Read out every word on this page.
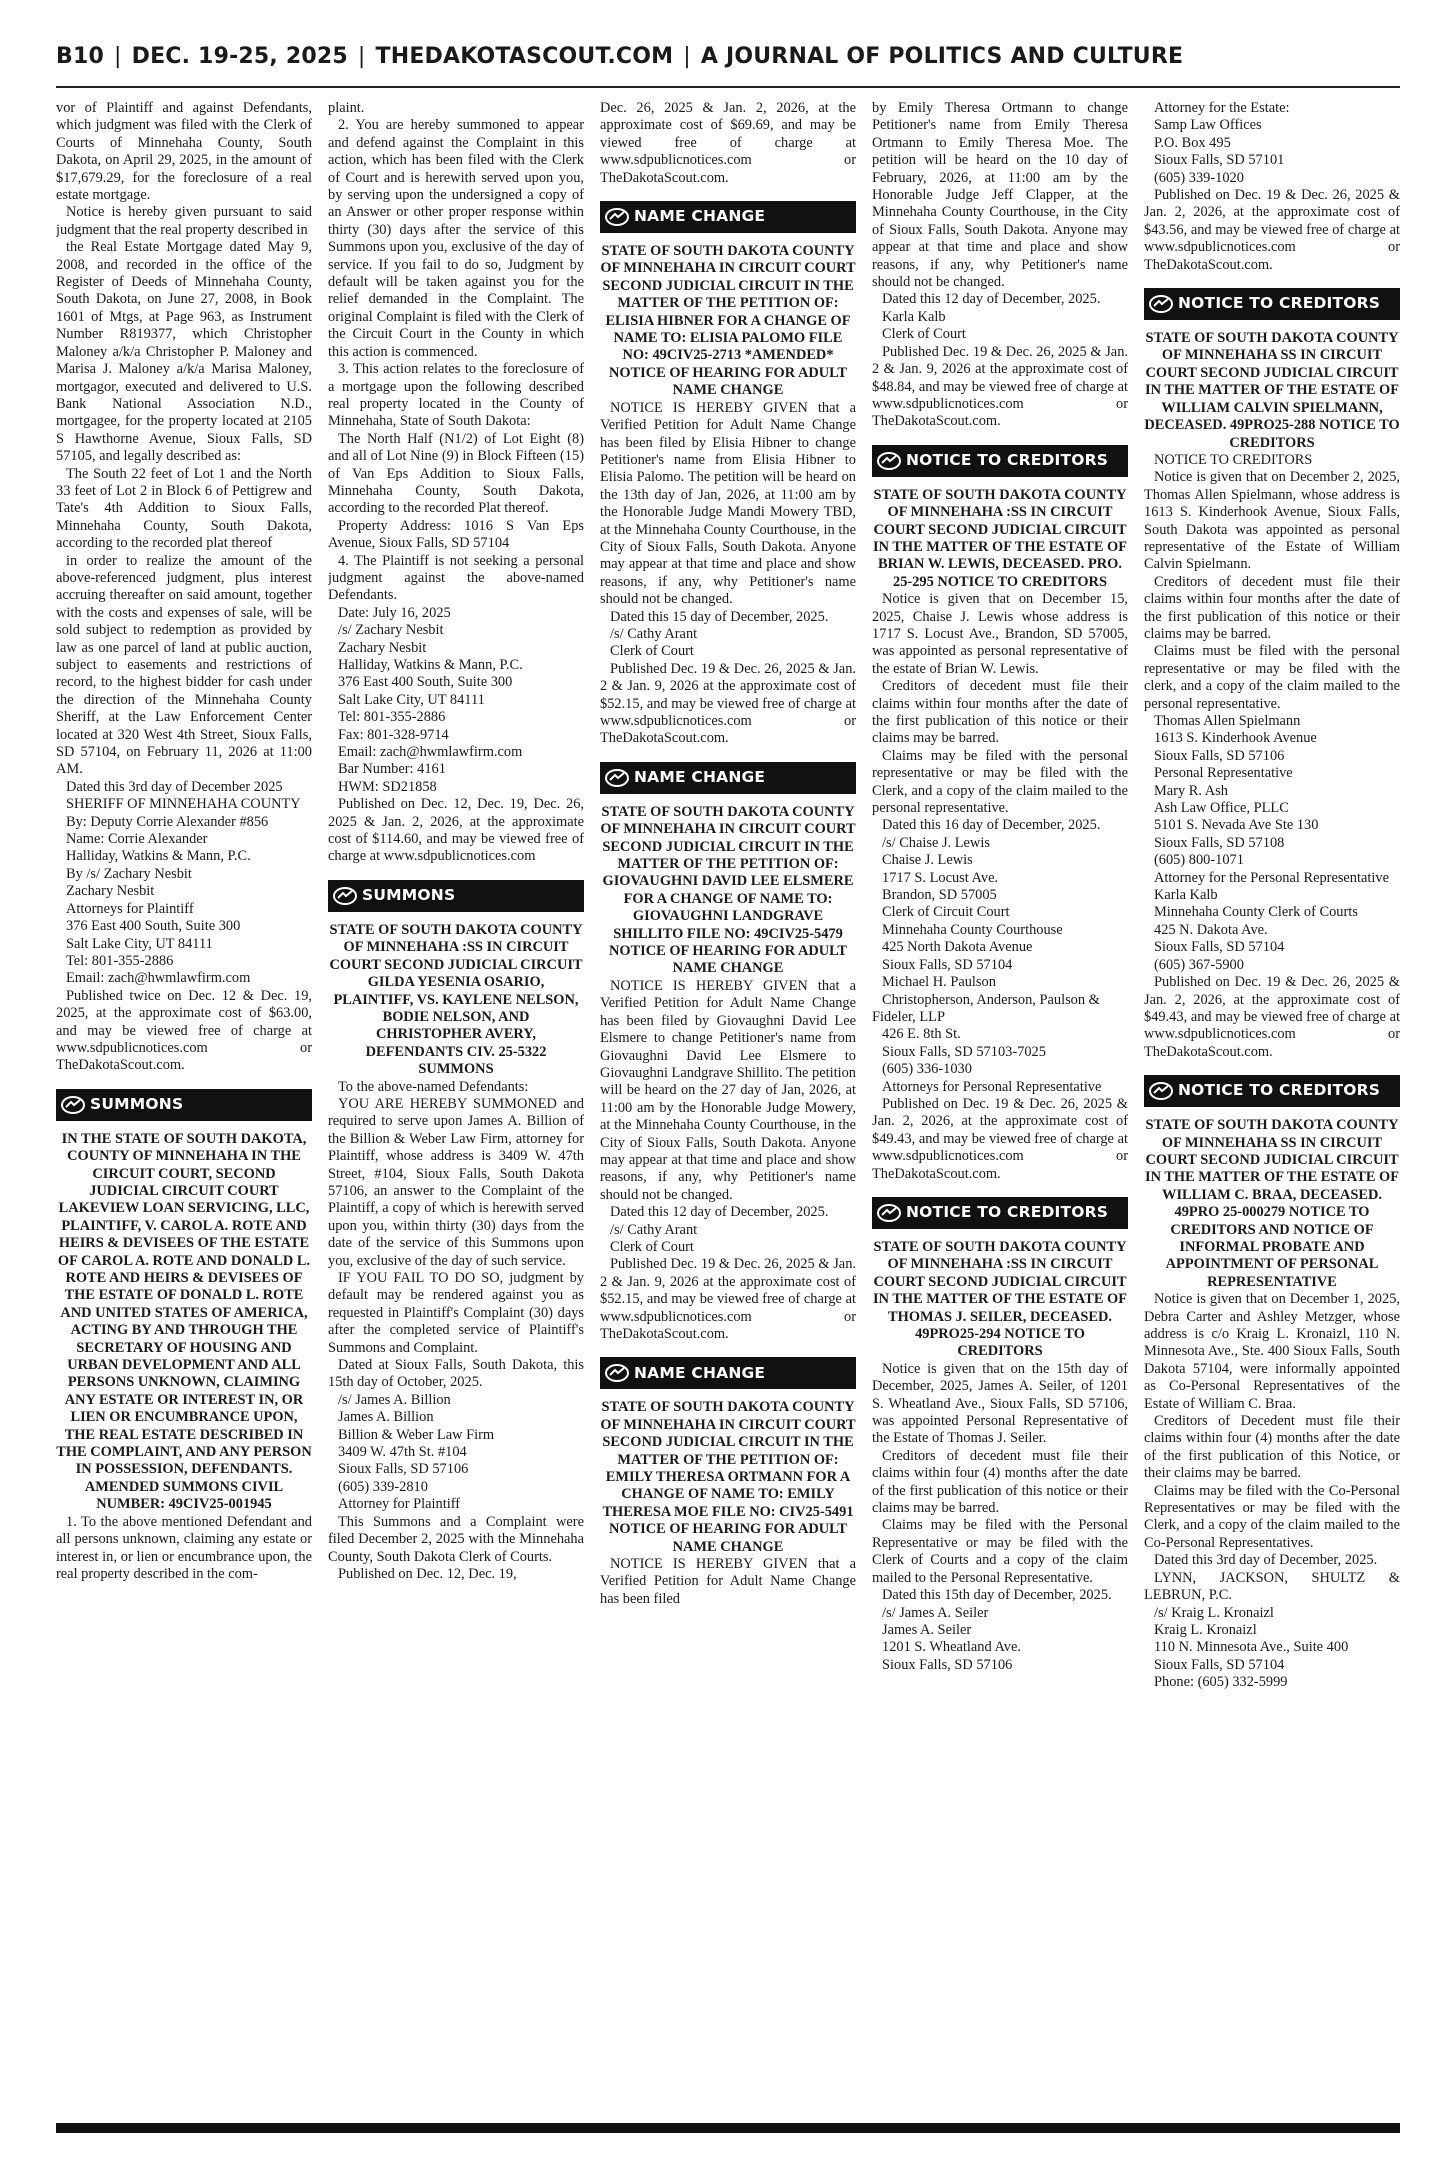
B10 | DEC. 19-25, 2025 | THEDAKOTASCOUT.COM | A JOURNAL OF POLITICS AND CULTURE

vor of Plaintiff and against Defendants, which judgment was filed with the Clerk of Courts of Minnehaha County, South Dakota, on April 29, 2025, in the amount of $17,679.29, for the foreclosure of a real estate mortgage.

Notice is hereby given pursuant to said judgment that the real property described in

the Real Estate Mortgage dated May 9, 2008, and recorded in the office of the Register of Deeds of Minnehaha County, South Dakota, on June 27, 2008, in Book 1601 of Mtgs, at Page 963, as Instrument Number R819377, which Christopher Maloney a/k/a Christopher P. Maloney and Marisa J. Maloney a/k/a Marisa Maloney, mortgagor, executed and delivered to U.S. Bank National Association N.D., mortgagee, for the property located at 2105 S Hawthorne Avenue, Sioux Falls, SD 57105, and legally described as:

The South 22 feet of Lot 1 and the North 33 feet of Lot 2 in Block 6 of Pettigrew and Tate's 4th Addition to Sioux Falls, Minnehaha County, South Dakota, according to the recorded plat thereof

in order to realize the amount of the above-referenced judgment, plus interest accruing thereafter on said amount, together with the costs and expenses of sale, will be sold subject to redemption as provided by law as one parcel of land at public auction, subject to easements and restrictions of record, to the highest bidder for cash under the direction of the Minnehaha County Sheriff, at the Law Enforcement Center located at 320 West 4th Street, Sioux Falls, SD 57104, on February 11, 2026 at 11:00 AM.

Dated this 3rd day of December 2025

SHERIFF OF MINNEHAHA COUNTY

By: Deputy Corrie Alexander #856

Name: Corrie Alexander

Halliday, Watkins & Mann, P.C.

By /s/ Zachary Nesbit

Zachary Nesbit

Attorneys for Plaintiff

376 East 400 South, Suite 300

Salt Lake City, UT 84111

Tel: 801-355-2886

Email: zach@hwmlawfirm.com

Published twice on Dec. 12 & Dec. 19, 2025, at the approximate cost of $63.00, and may be viewed free of charge at www.sdpublicnotices.com or TheDakotaScout.com.

SUMMONS

IN THE STATE OF SOUTH DAKOTA, COUNTY OF MINNEHAHA IN THE CIRCUIT COURT, SECOND JUDICIAL CIRCUIT COURT LAKEVIEW LOAN SERVICING, LLC, PLAINTIFF, V. CAROL A. ROTE AND HEIRS & DEVISEES OF THE ESTATE OF CAROL A. ROTE AND DONALD L. ROTE AND HEIRS & DEVISEES OF THE ESTATE OF DONALD L. ROTE AND UNITED STATES OF AMERICA, ACTING BY AND THROUGH THE SECRETARY OF HOUSING AND URBAN DEVELOPMENT AND ALL PERSONS UNKNOWN, CLAIMING ANY ESTATE OR INTEREST IN, OR LIEN OR ENCUMBRANCE UPON, THE REAL ESTATE DESCRIBED IN THE COMPLAINT, AND ANY PERSON IN POSSESSION, DEFENDANTS. AMENDED SUMMONS CIVIL NUMBER: 49CIV25-001945

1. To the above mentioned Defendant and all persons unknown, claiming any estate or interest in, or lien or encumbrance upon, the real property described in the com-

plaint.

2. You are hereby summoned to appear and defend against the Complaint in this action, which has been filed with the Clerk of Court and is herewith served upon you, by serving upon the undersigned a copy of an Answer or other proper response within thirty (30) days after the service of this Summons upon you, exclusive of the day of service. If you fail to do so, Judgment by default will be taken against you for the relief demanded in the Complaint. The original Complaint is filed with the Clerk of the Circuit Court in the County in which this action is commenced.

3. This action relates to the foreclosure of a mortgage upon the following described real property located in the County of Minnehaha, State of South Dakota:

The North Half (N1/2) of Lot Eight (8) and all of Lot Nine (9) in Block Fifteen (15) of Van Eps Addition to Sioux Falls, Minnehaha County, South Dakota, according to the recorded Plat thereof.

Property Address: 1016 S Van Eps Avenue, Sioux Falls, SD 57104

4. The Plaintiff is not seeking a personal judgment against the above-named Defendants.

Date: July 16, 2025

/s/ Zachary Nesbit

Zachary Nesbit

Halliday, Watkins & Mann, P.C.

376 East 400 South, Suite 300

Salt Lake City, UT 84111

Tel: 801-355-2886

Fax: 801-328-9714

Email: zach@hwmlawfirm.com

Bar Number: 4161

HWM: SD21858

Published on Dec. 12, Dec. 19, Dec. 26, 2025 & Jan. 2, 2026, at the approximate cost of $114.60, and may be viewed free of charge at www.sdpublicnotices.com

SUMMONS

STATE OF SOUTH DAKOTA COUNTY OF MINNEHAHA :SS IN CIRCUIT COURT SECOND JUDICIAL CIRCUIT GILDA YESENIA OSARIO, PLAINTIFF, VS. KAYLENE NELSON, BODIE NELSON, AND CHRISTOPHER AVERY, DEFENDANTS CIV. 25-5322 SUMMONS

To the above-named Defendants:

YOU ARE HEREBY SUMMONED and required to serve upon James A. Billion of the Billion & Weber Law Firm, attorney for Plaintiff, whose address is 3409 W. 47th Street, #104, Sioux Falls, South Dakota 57106, an answer to the Complaint of the Plaintiff, a copy of which is herewith served upon you, within thirty (30) days from the date of the service of this Summons upon you, exclusive of the day of such service.

IF YOU FAIL TO DO SO, judgment by default may be rendered against you as requested in Plaintiff's Complaint (30) days after the completed service of Plaintiff's Summons and Complaint.

Dated at Sioux Falls, South Dakota, this 15th day of October, 2025.

/s/ James A. Billion

James A. Billion

Billion & Weber Law Firm

3409 W. 47th St. #104

Sioux Falls, SD 57106

(605) 339-2810

Attorney for Plaintiff

This Summons and a Complaint were filed December 2, 2025 with the Minnehaha County, South Dakota Clerk of Courts.

Published on Dec. 12, Dec. 19,

Dec. 26, 2025 & Jan. 2, 2026, at the approximate cost of $69.69, and may be viewed free of charge at www.sdpublicnotices.com or TheDakotaScout.com.

NAME CHANGE

STATE OF SOUTH DAKOTA COUNTY OF MINNEHAHA IN CIRCUIT COURT SECOND JUDICIAL CIRCUIT IN THE MATTER OF THE PETITION OF: ELISIA HIBNER FOR A CHANGE OF NAME TO: ELISIA PALOMO FILE NO: 49CIV25-2713 *AMENDED* NOTICE OF HEARING FOR ADULT NAME CHANGE

NOTICE IS HEREBY GIVEN that a Verified Petition for Adult Name Change has been filed by Elisia Hibner to change Petitioner's name from Elisia Hibner to Elisia Palomo. The petition will be heard on the 13th day of Jan, 2026, at 11:00 am by the Honorable Judge Mandi Mowery TBD, at the Minnehaha County Courthouse, in the City of Sioux Falls, South Dakota. Anyone may appear at that time and place and show reasons, if any, why Petitioner's name should not be changed.

Dated this 15 day of December, 2025.

/s/ Cathy Arant

Clerk of Court

Published Dec. 19 & Dec. 26, 2025 & Jan. 2 & Jan. 9, 2026 at the approximate cost of $52.15, and may be viewed free of charge at www.sdpublicnotices.com or TheDakotaScout.com.

NAME CHANGE

STATE OF SOUTH DAKOTA COUNTY OF MINNEHAHA IN CIRCUIT COURT SECOND JUDICIAL CIRCUIT IN THE MATTER OF THE PETITION OF: GIOVAUGHNI DAVID LEE ELSMERE FOR A CHANGE OF NAME TO: GIOVAUGHNI LANDGRAVE SHILLITO FILE NO: 49CIV25-5479 NOTICE OF HEARING FOR ADULT NAME CHANGE

NOTICE IS HEREBY GIVEN that a Verified Petition for Adult Name Change has been filed by Giovaughni David Lee Elsmere to change Petitioner's name from Giovaughni David Lee Elsmere to Giovaughni Landgrave Shillito. The petition will be heard on the 27 day of Jan, 2026, at 11:00 am by the Honorable Judge Mowery, at the Minnehaha County Courthouse, in the City of Sioux Falls, South Dakota. Anyone may appear at that time and place and show reasons, if any, why Petitioner's name should not be changed.

Dated this 12 day of December, 2025.

/s/ Cathy Arant

Clerk of Court

Published Dec. 19 & Dec. 26, 2025 & Jan. 2 & Jan. 9, 2026 at the approximate cost of $52.15, and may be viewed free of charge at www.sdpublicnotices.com or TheDakotaScout.com.

NAME CHANGE

STATE OF SOUTH DAKOTA COUNTY OF MINNEHAHA IN CIRCUIT COURT SECOND JUDICIAL CIRCUIT IN THE MATTER OF THE PETITION OF: EMILY THERESA ORTMANN FOR A CHANGE OF NAME TO: EMILY THERESA MOE FILE NO: CIV25-5491 NOTICE OF HEARING FOR ADULT NAME CHANGE

NOTICE IS HEREBY GIVEN that a Verified Petition for Adult Name Change has been filed

by Emily Theresa Ortmann to change Petitioner's name from Emily Theresa Ortmann to Emily Theresa Moe. The petition will be heard on the 10 day of February, 2026, at 11:00 am by the Honorable Judge Jeff Clapper, at the Minnehaha County Courthouse, in the City of Sioux Falls, South Dakota. Anyone may appear at that time and place and show reasons, if any, why Petitioner's name should not be changed.

Dated this 12 day of December, 2025.

Karla Kalb

Clerk of Court

Published Dec. 19 & Dec. 26, 2025 & Jan. 2 & Jan. 9, 2026 at the approximate cost of $48.84, and may be viewed free of charge at www.sdpublicnotices.com or TheDakotaScout.com.

NOTICE TO CREDITORS

STATE OF SOUTH DAKOTA COUNTY OF MINNEHAHA :SS IN CIRCUIT COURT SECOND JUDICIAL CIRCUIT IN THE MATTER OF THE ESTATE OF BRIAN W. LEWIS, DECEASED. PRO. 25-295 NOTICE TO CREDITORS

Notice is given that on December 15, 2025, Chaise J. Lewis whose address is 1717 S. Locust Ave., Brandon, SD 57005, was appointed as personal representative of the estate of Brian W. Lewis.

Creditors of decedent must file their claims within four months after the date of the first publication of this notice or their claims may be barred.

Claims may be filed with the personal representative or may be filed with the Clerk, and a copy of the claim mailed to the personal representative.

Dated this 16 day of December, 2025.

/s/ Chaise J. Lewis

Chaise J. Lewis

1717 S. Locust Ave.

Brandon, SD 57005

Clerk of Circuit Court

Minnehaha County Courthouse

425 North Dakota Avenue

Sioux Falls, SD 57104

Michael H. Paulson

Christopherson, Anderson, Paulson & Fideler, LLP

426 E. 8th St.

Sioux Falls, SD 57103-7025

(605) 336-1030

Attorneys for Personal Representative

Published on Dec. 19 & Dec. 26, 2025 & Jan. 2, 2026, at the approximate cost of $49.43, and may be viewed free of charge at www.sdpublicnotices.com or TheDakotaScout.com.

NOTICE TO CREDITORS

STATE OF SOUTH DAKOTA COUNTY OF MINNEHAHA :SS IN CIRCUIT COURT SECOND JUDICIAL CIRCUIT IN THE MATTER OF THE ESTATE OF THOMAS J. SEILER, DECEASED. 49PRO25-294 NOTICE TO CREDITORS

Notice is given that on the 15th day of December, 2025, James A. Seiler, of 1201 S. Wheatland Ave., Sioux Falls, SD 57106, was appointed Personal Representative of the Estate of Thomas J. Seiler.

Creditors of decedent must file their claims within four (4) months after the date of the first publication of this notice or their claims may be barred.

Claims may be filed with the Personal Representative or may be filed with the Clerk of Courts and a copy of the claim mailed to the Personal Representative.

Dated this 15th day of December, 2025.

/s/ James A. Seiler

James A. Seiler

1201 S. Wheatland Ave.

Sioux Falls, SD 57106

Attorney for the Estate:

Samp Law Offices

P.O. Box 495

Sioux Falls, SD 57101

(605) 339-1020

Published on Dec. 19 & Dec. 26, 2025 & Jan. 2, 2026, at the approximate cost of $43.56, and may be viewed free of charge at www.sdpublicnotices.com or TheDakotaScout.com.

NOTICE TO CREDITORS

STATE OF SOUTH DAKOTA COUNTY OF MINNEHAHA SS IN CIRCUIT COURT SECOND JUDICIAL CIRCUIT IN THE MATTER OF THE ESTATE OF WILLIAM CALVIN SPIELMANN, DECEASED. 49PRO25-288 NOTICE TO CREDITORS

NOTICE TO CREDITORS

Notice is given that on December 2, 2025, Thomas Allen Spielmann, whose address is 1613 S. Kinderhook Avenue, Sioux Falls, South Dakota was appointed as personal representative of the Estate of William Calvin Spielmann.

Creditors of decedent must file their claims within four months after the date of the first publication of this notice or their claims may be barred.

Claims must be filed with the personal representative or may be filed with the clerk, and a copy of the claim mailed to the personal representative.

Thomas Allen Spielmann

1613 S. Kinderhook Avenue

Sioux Falls, SD 57106

Personal Representative

Mary R. Ash

Ash Law Office, PLLC

5101 S. Nevada Ave Ste 130

Sioux Falls, SD 57108

(605) 800-1071

Attorney for the Personal Representative

Karla Kalb

Minnehaha County Clerk of Courts

425 N. Dakota Ave.

Sioux Falls, SD 57104

(605) 367-5900

Published on Dec. 19 & Dec. 26, 2025 & Jan. 2, 2026, at the approximate cost of $49.43, and may be viewed free of charge at www.sdpublicnotices.com or TheDakotaScout.com.

NOTICE TO CREDITORS

STATE OF SOUTH DAKOTA COUNTY OF MINNEHAHA SS IN CIRCUIT COURT SECOND JUDICIAL CIRCUIT IN THE MATTER OF THE ESTATE OF WILLIAM C. BRAA, DECEASED. 49PRO 25-000279 NOTICE TO CREDITORS AND NOTICE OF INFORMAL PROBATE AND APPOINTMENT OF PERSONAL REPRESENTATIVE

Notice is given that on December 1, 2025, Debra Carter and Ashley Metzger, whose address is c/o Kraig L. Kronaizl, 110 N. Minnesota Ave., Ste. 400 Sioux Falls, South Dakota 57104, were informally appointed as Co-Personal Representatives of the Estate of William C. Braa.

Creditors of Decedent must file their claims within four (4) months after the date of the first publication of this Notice, or their claims may be barred.

Claims may be filed with the Co-Personal Representatives or may be filed with the Clerk, and a copy of the claim mailed to the Co-Personal Representatives.

Dated this 3rd day of December, 2025.

LYNN, JACKSON, SHULTZ & LEBRUN, P.C.

/s/ Kraig L. Kronaizl

Kraig L. Kronaizl

110 N. Minnesota Ave., Suite 400

Sioux Falls, SD 57104

Phone: (605) 332-5999
